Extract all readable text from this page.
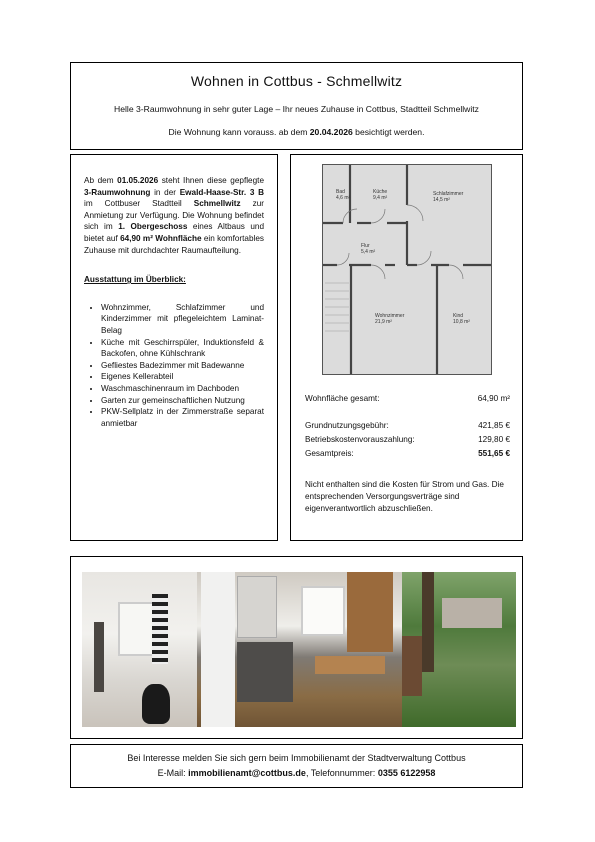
Wohnen in Cottbus - Schmellwitz
Helle 3-Raumwohnung in sehr guter Lage – Ihr neues Zuhause in Cottbus, Stadtteil Schmellwitz
Die Wohnung kann vorauss. ab dem 20.04.2026 besichtigt werden.

Ab dem 01.05.2026 steht Ihnen diese gepflegte 3-Raumwohnung in der Ewald-Haase-Str. 3 B im Cottbuser Stadtteil Schmellwitz zur Anmietung zur Verfügung. Die Wohnung befindet sich im 1. Obergeschoss eines Altbaus und bietet auf 64,90 m² Wohnfläche ein komfortables Zuhause mit durchdachter Raumaufteilung.

Ausstattung im Überblick:

• Wohnzimmer, Schlafzimmer und Kinderzimmer mit pflegeleichtem Laminat-Belag
• Küche mit Geschirrspüler, Induktionsfeld & Backofen, ohne Kühlschrank
• Gefliestes Badezimmer mit Badewanne
• Eigenes Kellerabteil
• Waschmaschinenraum im Dachboden
• Garten zur gemeinschaftlichen Nutzung
• PKW-Sellplatz in der Zimmerstraße separat anmietbar
Bad
4,6 m²
Küche
9,4 m²
Schlafzimmer
14,5 m²
Flur
5,4 m²
Wohnzimmer
21,9 m²
Kind
10,8 m²
Wohnfläche gesamt:	64,90 m²
Grundnutzungsgebühr:	421,85 €
Betriebskostenvorauszahlung:	129,80 €
Gesamtpreis:	551,65 €
Nicht enthalten sind die Kosten für Strom und Gas. Die entsprechenden Versorgungsverträge sind eigenverantwortlich abzuschließen.
Bei Interesse melden Sie sich gern beim Immobilienamt der Stadtverwaltung Cottbus
E-Mail: immobilienamt@cottbus.de, Telefonnummer: 0355 6122958
